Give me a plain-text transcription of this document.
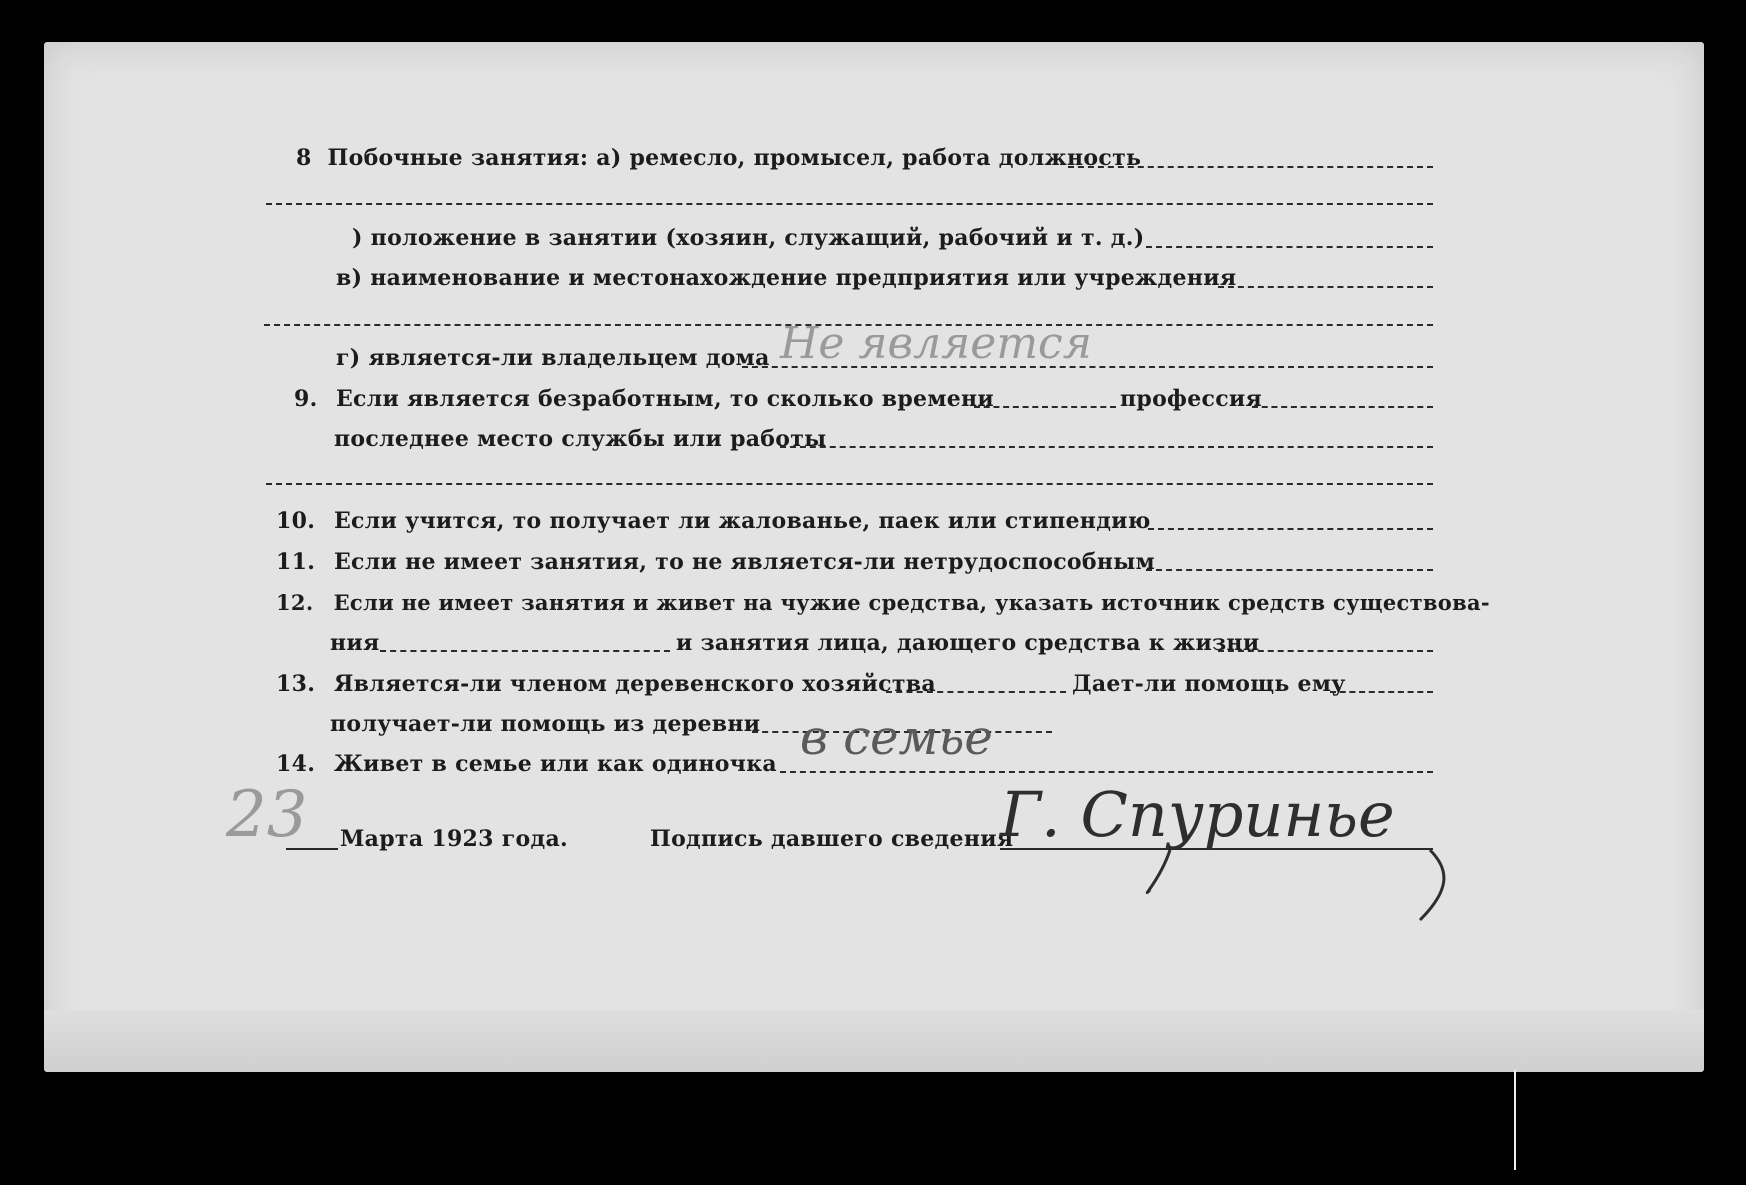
8 Побочные занятия: а) ремесло, промысел, работа должность
) положение в занятии (хозяин, служащий, рабочий и т. д.)
в) наименование и местонахождение предприятия или учреждения
г) является-ли владельцем дома Не является
9. Если является безработным, то сколько времени	профессия
последнее место службы или работы
10. Если учится, то получает ли жалованье, паек или стипендию
11. Если не имеет занятия, то не является-ли нетрудоспособным
12. Если не имеет занятия и живет на чужие средства, указать источник средств существова-
ния	и занятия лица, дающего средства к жизни
13. Является-ли членом деревенского хозяйства	Дает-ли помощь ему
получает-ли помощь из деревни
14. Живет в семье или как одиночка в семье
23 Марта 1923 года.	Подпись давшего сведения
Г. Спуринье
